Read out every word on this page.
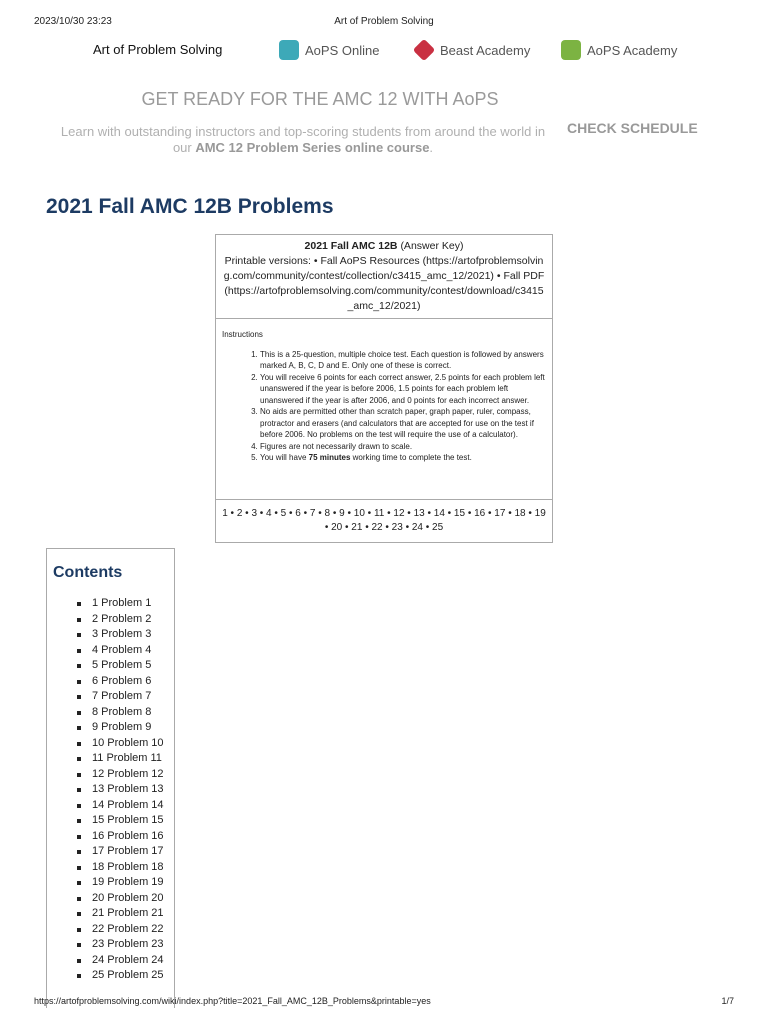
2023/10/30 23:23	Art of Problem Solving
Art of Problem Solving	AoPS Online	Beast Academy	AoPS Academy
GET READY FOR THE AMC 12 WITH AoPS
Learn with outstanding instructors and top-scoring students from around the world in our AMC 12 Problem Series online course.
CHECK SCHEDULE
2021 Fall AMC 12B Problems
2021 Fall AMC 12B (Answer Key)
Printable versions: • Fall AoPS Resources (https://artofproblemsolving.com/community/contest/collection/c3415_amc_12/2021) • Fall PDF (https://artofproblemsolving.com/community/contest/download/c3415_amc_12/2021)
Instructions
1. This is a 25-question, multiple choice test. Each question is followed by answers marked A, B, C, D and E. Only one of these is correct.
2. You will receive 6 points for each correct answer, 2.5 points for each problem left unanswered if the year is before 2006, 1.5 points for each problem left unanswered if the year is after 2006, and 0 points for each incorrect answer.
3. No aids are permitted other than scratch paper, graph paper, ruler, compass, protractor and erasers (and calculators that are accepted for use on the test if before 2006. No problems on the test will require the use of a calculator).
4. Figures are not necessarily drawn to scale.
5. You will have 75 minutes working time to complete the test.
1 • 2 • 3 • 4 • 5 • 6 • 7 • 8 • 9 • 10 • 11 • 12 • 13 • 14 • 15 • 16 • 17 • 18 • 19 • 20 • 21 • 22 • 23 • 24 • 25
Contents
1 Problem 1
2 Problem 2
3 Problem 3
4 Problem 4
5 Problem 5
6 Problem 6
7 Problem 7
8 Problem 8
9 Problem 9
10 Problem 10
11 Problem 11
12 Problem 12
13 Problem 13
14 Problem 14
15 Problem 15
16 Problem 16
17 Problem 17
18 Problem 18
19 Problem 19
20 Problem 20
21 Problem 21
22 Problem 22
23 Problem 23
24 Problem 24
25 Problem 25
https://artofproblemsolving.com/wiki/index.php?title=2021_Fall_AMC_12B_Problems&printable=yes	1/7
